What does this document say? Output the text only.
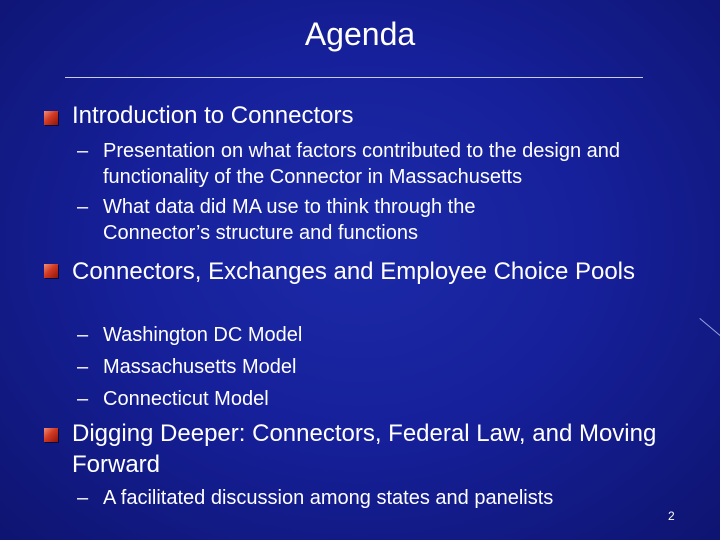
Agenda
Introduction to Connectors
– Presentation on what factors contributed to the design and functionality of the Connector in Massachusetts
– What data did MA use to think through the Connector’s structure and functions
Connectors, Exchanges and Employee Choice Pools
– Washington DC Model
– Massachusetts Model
– Connecticut Model
Digging Deeper: Connectors, Federal Law, and Moving Forward
– A facilitated discussion among states and panelists
2
